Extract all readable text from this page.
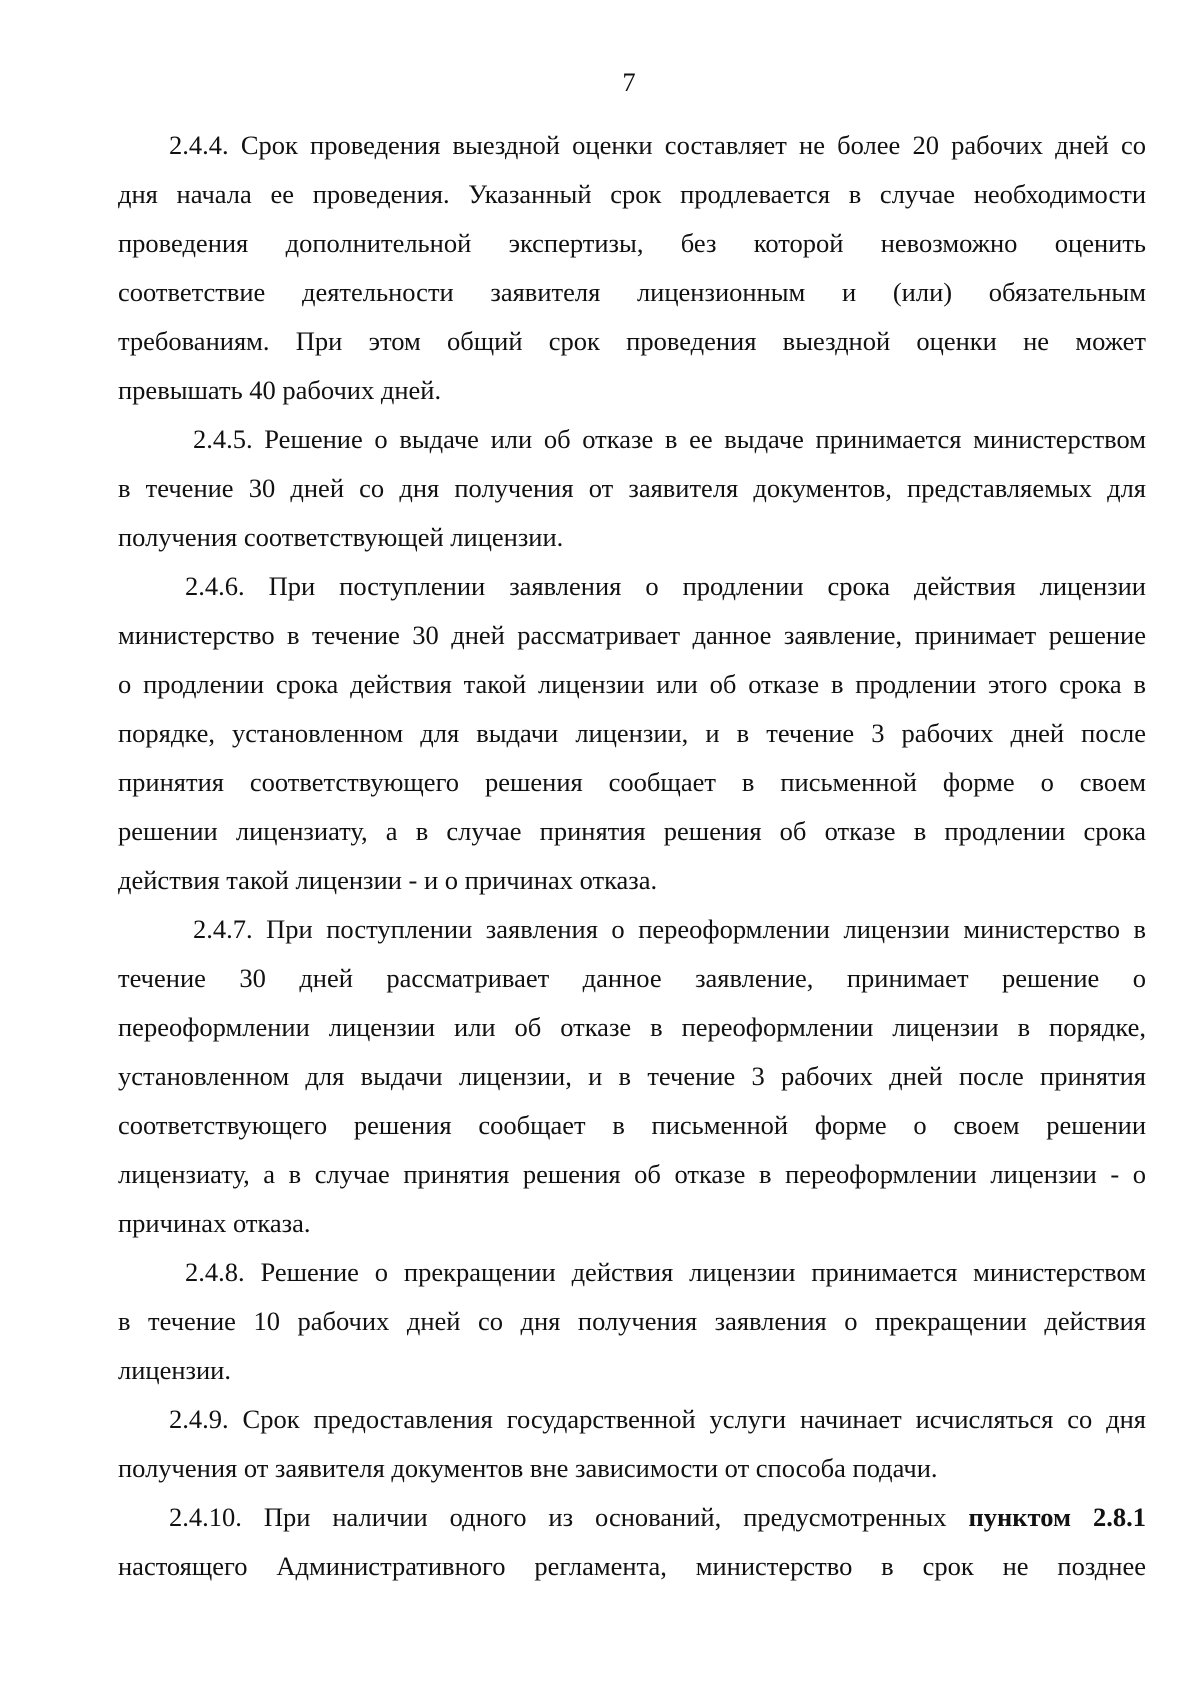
7
2.4.4. Срок проведения выездной оценки составляет не более 20 рабочих дней со
дня начала ее проведения. Указанный срок продлевается в случае необходимости
проведения дополнительной экспертизы, без которой невозможно оценить
соответствие деятельности заявителя лицензионным и (или) обязательным
требованиям. При этом общий срок проведения выездной оценки не может
превышать 40 рабочих дней.
2.4.5. Решение о выдаче или об отказе в ее выдаче принимается министерством
в течение 30 дней со дня получения от заявителя документов, представляемых для
получения соответствующей лицензии.
2.4.6. При поступлении заявления о продлении срока действия лицензии
министерство в течение 30 дней рассматривает данное заявление, принимает решение
о продлении срока действия такой лицензии или об отказе в продлении этого срока в
порядке, установленном для выдачи лицензии, и в течение 3 рабочих дней после
принятия соответствующего решения сообщает в письменной форме о своем
решении лицензиату, а в случае принятия решения об отказе в продлении срока
действия такой лицензии - и о причинах отказа.
2.4.7. При поступлении заявления о переоформлении лицензии министерство в
течение 30 дней рассматривает данное заявление, принимает решение о
переоформлении лицензии или об отказе в переоформлении лицензии в порядке,
установленном для выдачи лицензии, и в течение 3 рабочих дней после принятия
соответствующего решения сообщает в письменной форме о своем решении
лицензиату, а в случае принятия решения об отказе в переоформлении лицензии - о
причинах отказа.
2.4.8. Решение о прекращении действия лицензии принимается министерством
в течение 10 рабочих дней со дня получения заявления о прекращении действия
лицензии.
2.4.9. Срок предоставления государственной услуги начинает исчисляться со дня
получения от заявителя документов вне зависимости от способа подачи.
2.4.10. При наличии одного из оснований, предусмотренных пунктом 2.8.1
настоящего Административного регламента, министерство в срок не позднее
